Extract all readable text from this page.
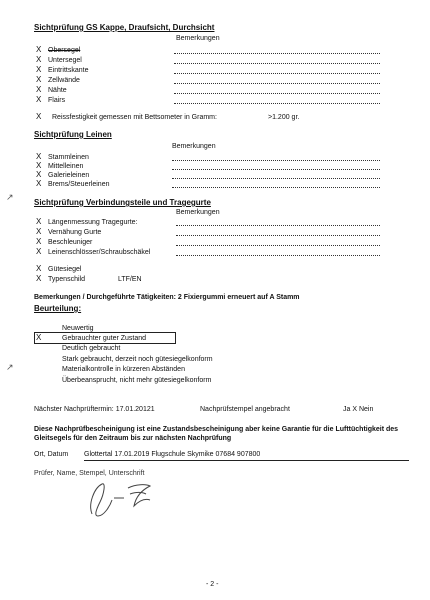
Sichtprüfung GS Kappe, Draufsicht, Durchsicht
Bemerkungen
X Obersegel
X Untersegel
X Eintrittskante
X Zellwände
X Nähte
X Flairs
X Reissfestigkeit gemessen mit Bettsometer in Gramm:	>1.200 gr.
Sichtprüfung Leinen
Bemerkungen
X Stammleinen
X Mittelleinen
X Galerieleinen
X Brems/Steuerleinen
Sichtprüfung Verbindungsteile und Tragegurte
Bemerkungen
X Längenmessung Tragegurte:
X Vernähung Gurte
X Beschleuniger
X Leinenschlösser/Schraubschäkel
X Gütesiegel
X Typenschild	LTF/EN
Bemerkungen / Durchgeführte Tätigkeiten: 2 Fixiergummi erneuert auf A Stamm
Beurteilung:
Neuwertig
X	Gebrauchter guter Zustand
Deutlich gebraucht
Stark gebraucht, derzeit noch gütesiegelkonform
Materialkontrolle in kürzeren Abständen
Überbeansprucht, nicht mehr gütesiegelkonform
Nächster Nachprüftermin: 17.01.20121	Nachprüfstempel angebracht	Ja X Nein
Diese Nachprüfbescheinigung ist eine Zustandsbescheinigung aber keine Garantie für die Lufttüchtigkeit des Gleitsegels für den Zeitraum bis zur nächsten Nachprüfung
Ort, Datum Glottertal 17.01.2019 Flugschule Skymike 07684 907800
Prüfer, Name, Stempel, Unterschrift
- 2 -
↗
↗
